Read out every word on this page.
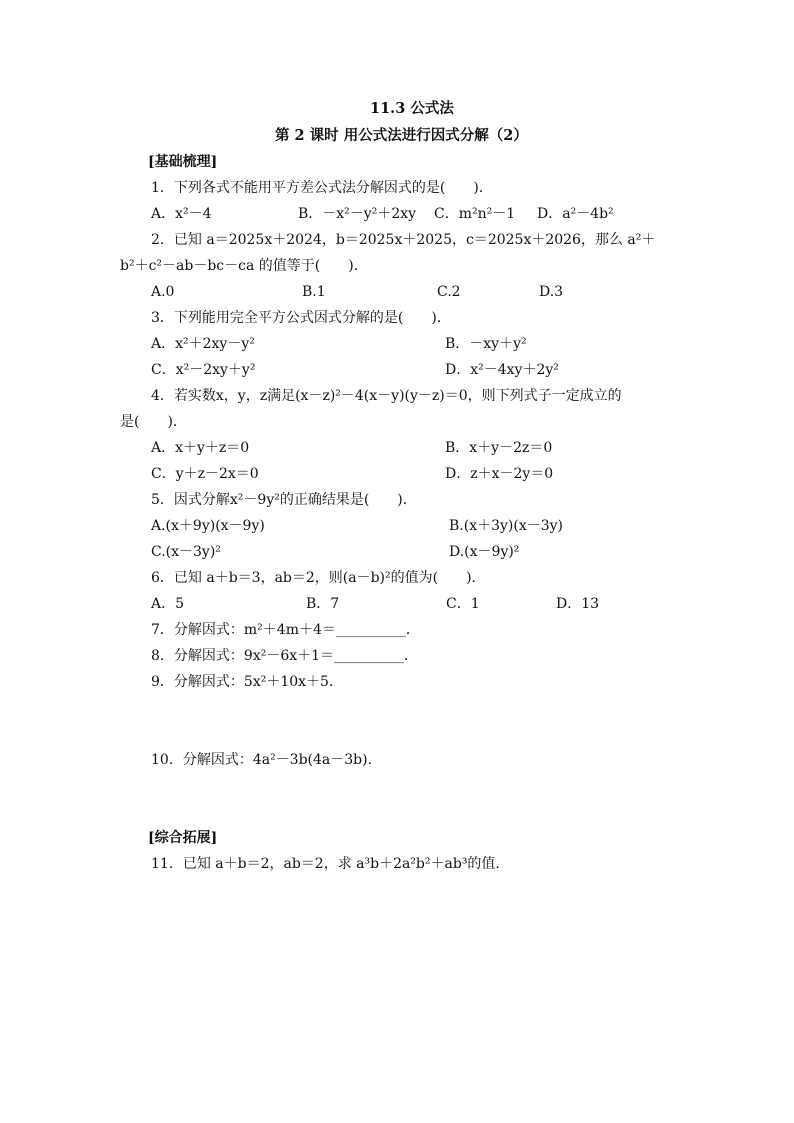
11.3 公式法
第 2 课时 用公式法进行因式分解（2）
[基础梳理]
1．下列各式不能用平方差公式法分解因式的是(　　)．
A．x²－4	B．－x²－y²＋2xy C．m²n²－1 D．a²－4b²
2．已知 a＝2025x＋2024，b＝2025x＋2025，c＝2025x＋2026，那么 a²＋
b²＋c²－ab－bc－ca 的值等于(　　)．
A.0	B.1	C.2	D.3
3．下列能用完全平方公式因式分解的是(　　)．
A．x²＋2xy－y²	B．－xy＋y²
C．x²－2xy＋y²	D．x²－4xy＋2y²
4．若实数x，y，z满足(x－z)²－4(x－y)(y－z)＝0，则下列式子一定成立的
是(　　)．
A．x＋y＋z＝0	B．x＋y－2z＝0
C．y＋z－2x＝0	D．z＋x－2y＝0
5．因式分解x²－9y²的正确结果是(　　)．
A.(x＋9y)(x－9y)	B.(x＋3y)(x－3y)
C.(x－3y)²	D.(x－9y)²
6．已知 a＋b＝3，ab＝2，则(a－b)²的值为(　　)．
A．5	B．7	C．1	D．13
7．分解因式：m²＋4m＋4＝__________．
8．分解因式：9x²－6x＋1＝__________．
9．分解因式：5x²＋10x＋5．
10．分解因式：4a²－3b(4a－3b)．
[综合拓展]
11．已知 a＋b＝2，ab＝2，求 a³b＋2a²b²＋ab³的值．
